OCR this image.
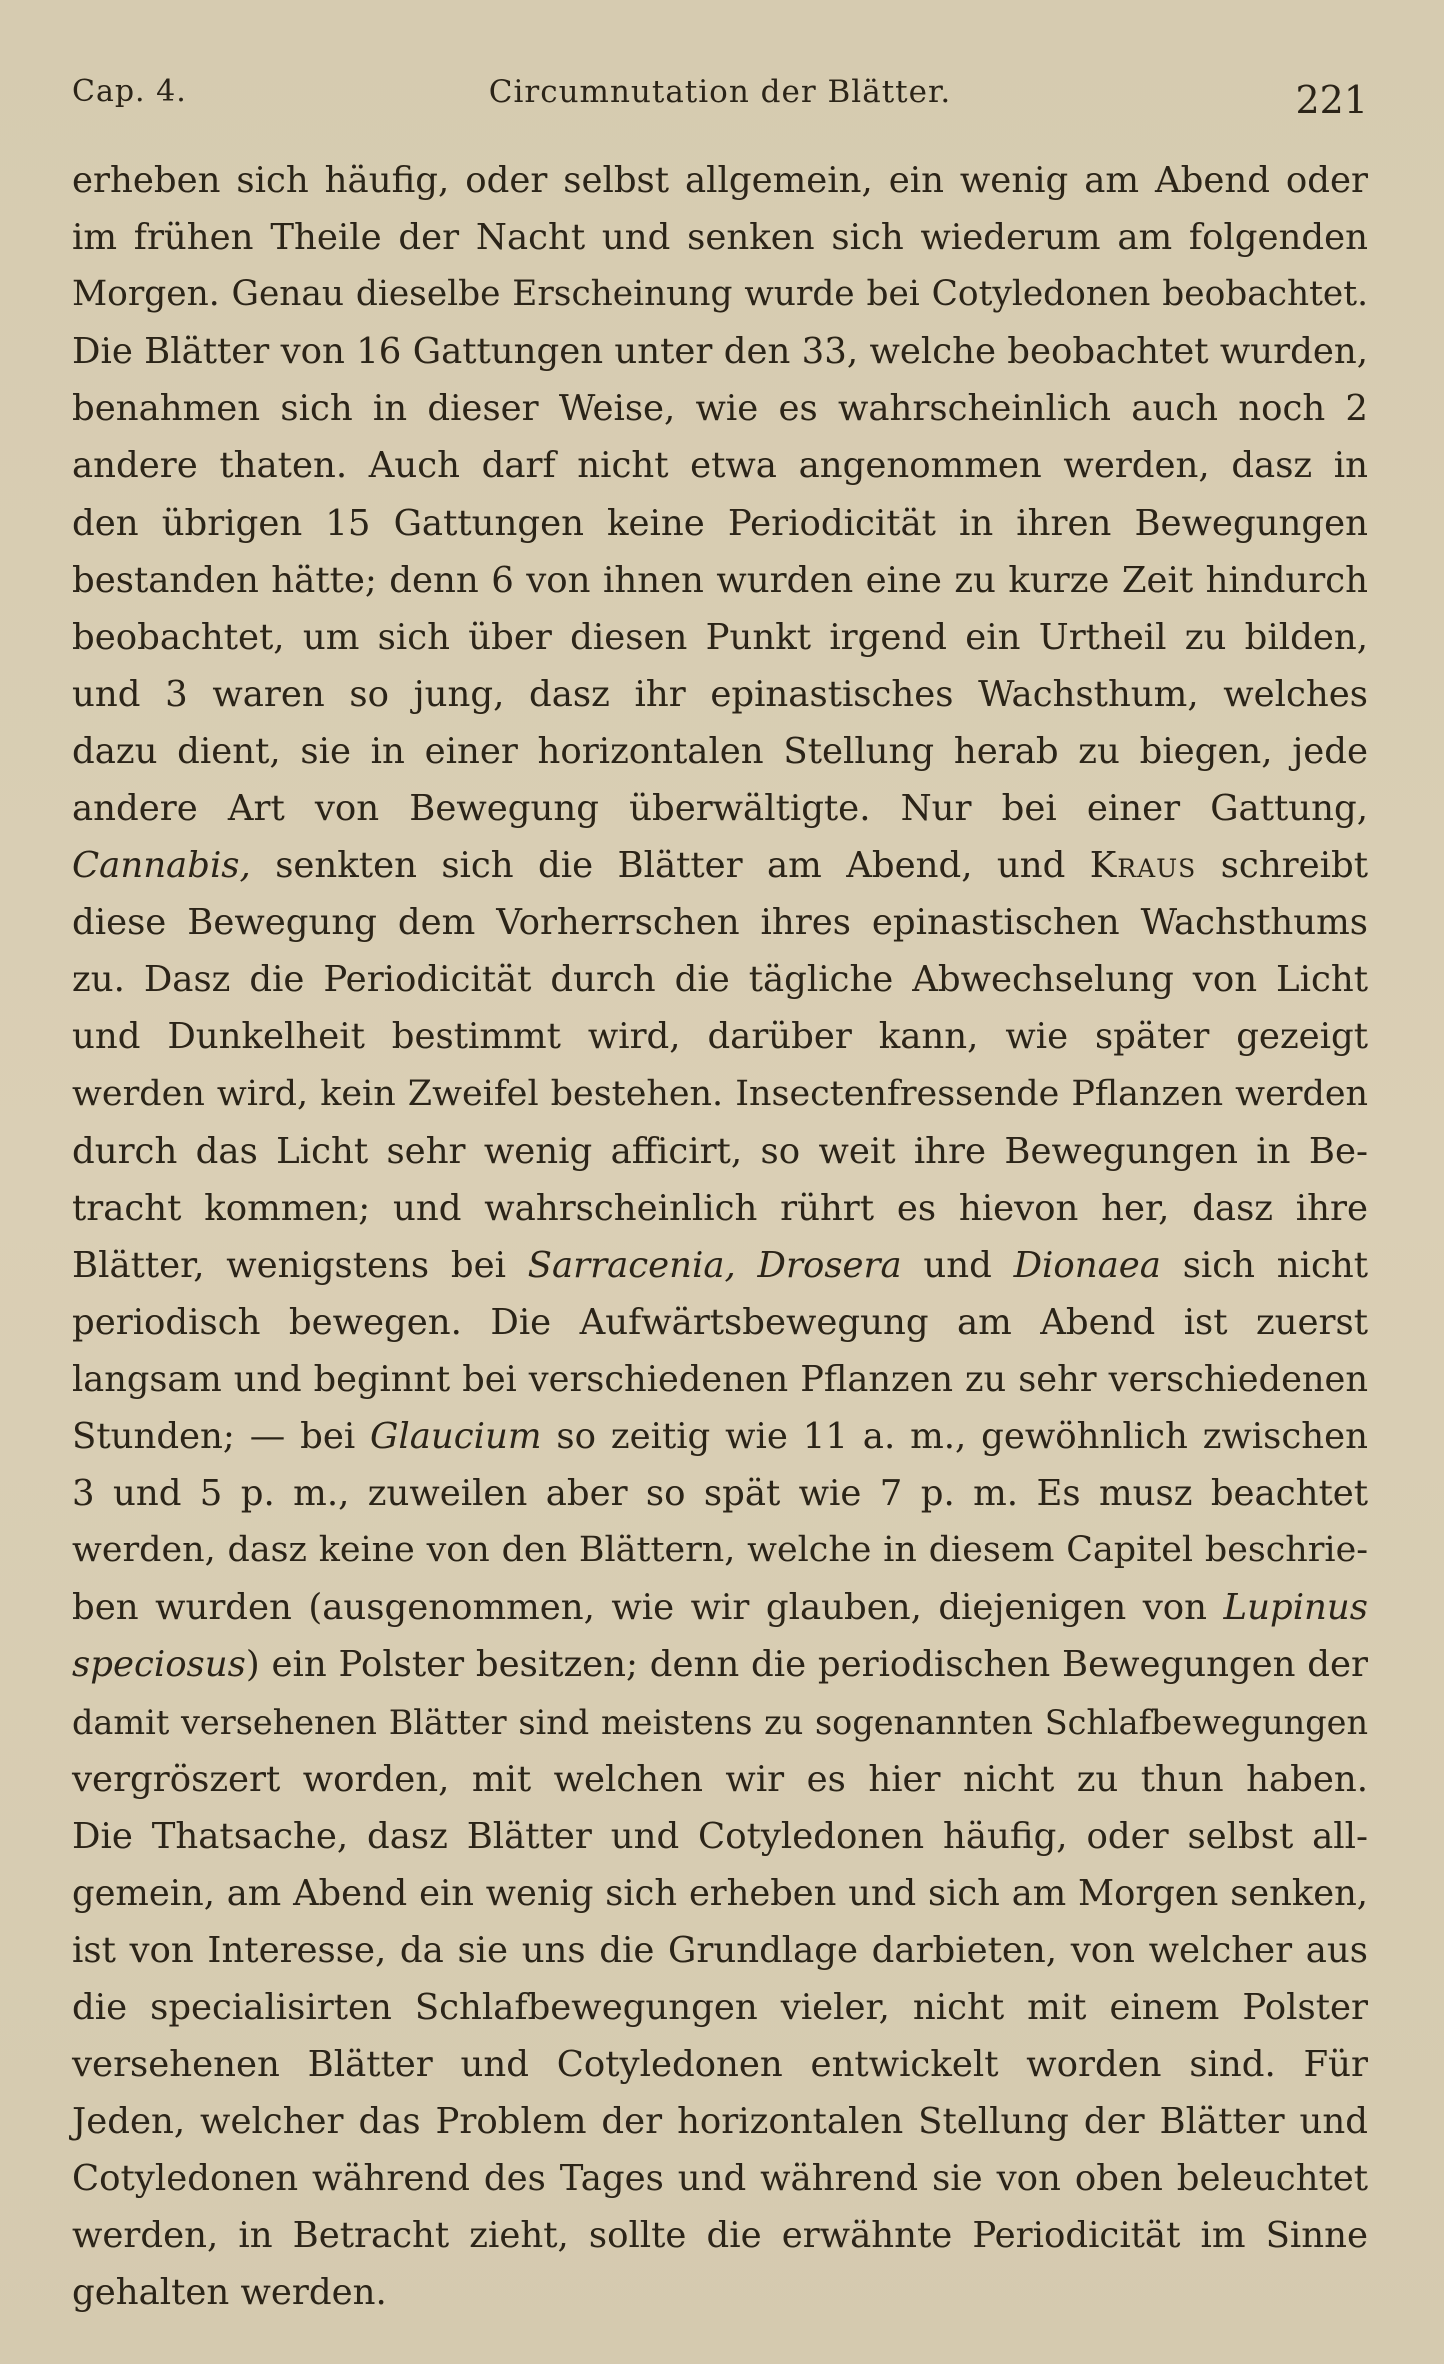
Cap. 4.	Circumnutation der Blätter.	221
erheben sich häufig, oder selbst allgemein, ein wenig am Abend oder
im frühen Theile der Nacht und senken sich wiederum am folgenden
Morgen. Genau dieselbe Erscheinung wurde bei Cotyledonen beobachtet.
Die Blätter von 16 Gattungen unter den 33, welche beobachtet wurden,
benahmen sich in dieser Weise, wie es wahrscheinlich auch noch 2
andere thaten. Auch darf nicht etwa angenommen werden, dasz in
den übrigen 15 Gattungen keine Periodicität in ihren Bewegungen
bestanden hätte; denn 6 von ihnen wurden eine zu kurze Zeit hindurch
beobachtet, um sich über diesen Punkt irgend ein Urtheil zu bilden,
und 3 waren so jung, dasz ihr epinastisches Wachsthum, welches
dazu dient, sie in einer horizontalen Stellung herab zu biegen, jede
andere Art von Bewegung überwältigte. Nur bei einer Gattung,
Cannabis, senkten sich die Blätter am Abend, und Kraus schreibt
diese Bewegung dem Vorherrschen ihres epinastischen Wachsthums
zu. Dasz die Periodicität durch die tägliche Abwechselung von Licht
und Dunkelheit bestimmt wird, darüber kann, wie später gezeigt
werden wird, kein Zweifel bestehen. Insectenfressende Pflanzen werden
durch das Licht sehr wenig afficirt, so weit ihre Bewegungen in Be-
tracht kommen; und wahrscheinlich rührt es hievon her, dasz ihre
Blätter, wenigstens bei Sarracenia, Drosera und Dionaea sich nicht
periodisch bewegen. Die Aufwärtsbewegung am Abend ist zuerst
langsam und beginnt bei verschiedenen Pflanzen zu sehr verschiedenen
Stunden; — bei Glaucium so zeitig wie 11 a. m., gewöhnlich zwischen
3 und 5 p. m., zuweilen aber so spät wie 7 p. m. Es musz beachtet
werden, dasz keine von den Blättern, welche in diesem Capitel beschrie-
ben wurden (ausgenommen, wie wir glauben, diejenigen von Lupinus
speciosus) ein Polster besitzen; denn die periodischen Bewegungen der
damit versehenen Blätter sind meistens zu sogenannten Schlafbewegungen
vergröszert worden, mit welchen wir es hier nicht zu thun haben.
Die Thatsache, dasz Blätter und Cotyledonen häufig, oder selbst all-
gemein, am Abend ein wenig sich erheben und sich am Morgen senken,
ist von Interesse, da sie uns die Grundlage darbieten, von welcher aus
die specialisirten Schlafbewegungen vieler, nicht mit einem Polster
versehenen Blätter und Cotyledonen entwickelt worden sind. Für
Jeden, welcher das Problem der horizontalen Stellung der Blätter und
Cotyledonen während des Tages und während sie von oben beleuchtet
werden, in Betracht zieht, sollte die erwähnte Periodicität im Sinne
gehalten werden.
